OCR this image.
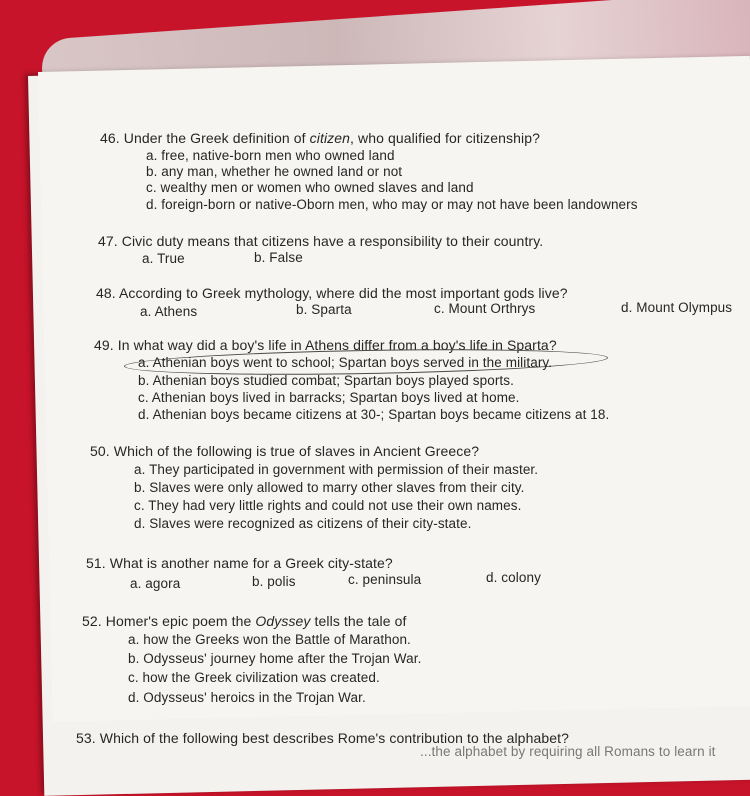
46. Under the Greek definition of citizen, who qualified for citizenship?
a. free, native-born men who owned land
b. any man, whether he owned land or not
c. wealthy men or women who owned slaves and land
d. foreign-born or native-Oborn men, who may or may not have been landowners
47. Civic duty means that citizens have a responsibility to their country.
a. True	b. False
48. According to Greek mythology, where did the most important gods live?
a. Athens	b. Sparta	c. Mount Orthrys	d. Mount Olympus
49. In what way did a boy's life in Athens differ from a boy's life in Sparta?
a. Athenian boys went to school; Spartan boys served in the military.
b. Athenian boys studied combat; Spartan boys played sports.
c. Athenian boys lived in barracks; Spartan boys lived at home.
d. Athenian boys became citizens at 30-; Spartan boys became citizens at 18.
50. Which of the following is true of slaves in Ancient Greece?
a. They participated in government with permission of their master.
b. Slaves were only allowed to marry other slaves from their city.
c. They had very little rights and could not use their own names.
d. Slaves were recognized as citizens of their city-state.
51. What is another name for a Greek city-state?
a. agora	b. polis	c. peninsula	d. colony
52. Homer's epic poem the Odyssey tells the tale of
a. how the Greeks won the Battle of Marathon.
b. Odysseus' journey home after the Trojan War.
c. how the Greek civilization was created.
d. Odysseus' heroics in the Trojan War.
53. Which of the following best describes Rome's contribution to the alphabet?
...the alphabet by requiring all Romans to learn it
